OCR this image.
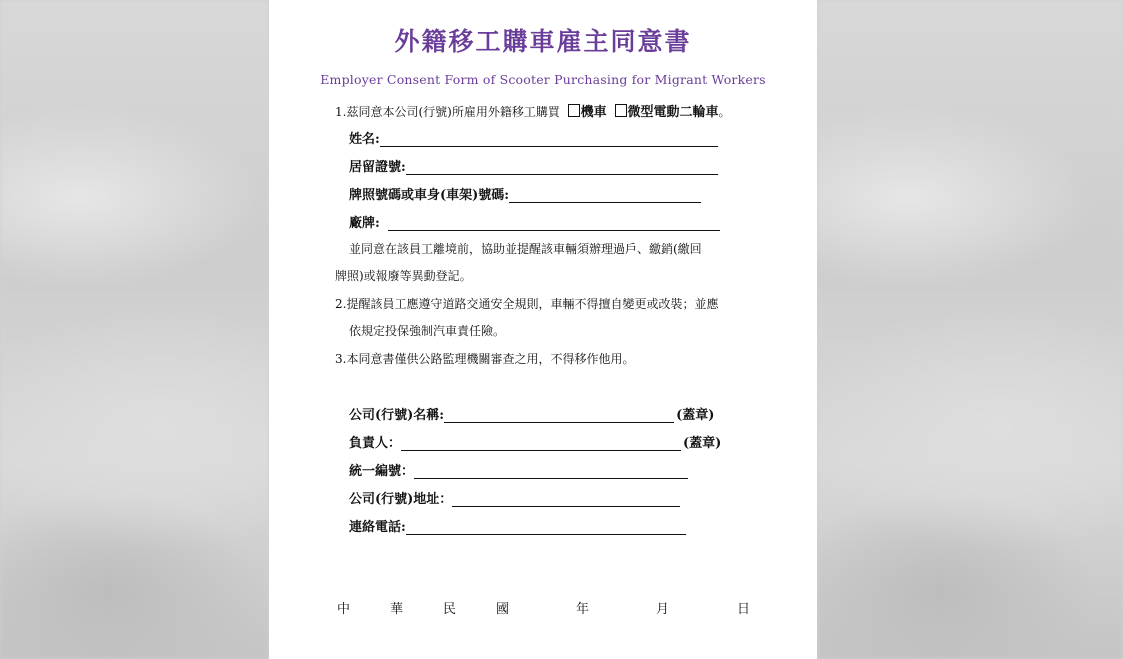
外籍移工購車雇主同意書

Employer Consent Form of Scooter Purchasing for Migrant Workers

1.茲同意本公司(行號)所雇用外籍移工購買 機車 微型電動二輪車。
姓名:
居留證號:
牌照號碼或車身(車架)號碼:
廠牌:
並同意在該員工離境前，協助並提醒該車輛須辦理過戶、繳銷(繳回
牌照)或報廢等異動登記。
2.提醒該員工應遵守道路交通安全規則，車輛不得擅自變更或改裝；並應
依規定投保強制汽車責任險。
3.本同意書僅供公路監理機關審查之用，不得移作他用。
公司(行號)名稱:	(蓋章)
負責人：	(蓋章)
統一編號：
公司(行號)地址：
連絡電話:
中	華	民	國	年	月	日
